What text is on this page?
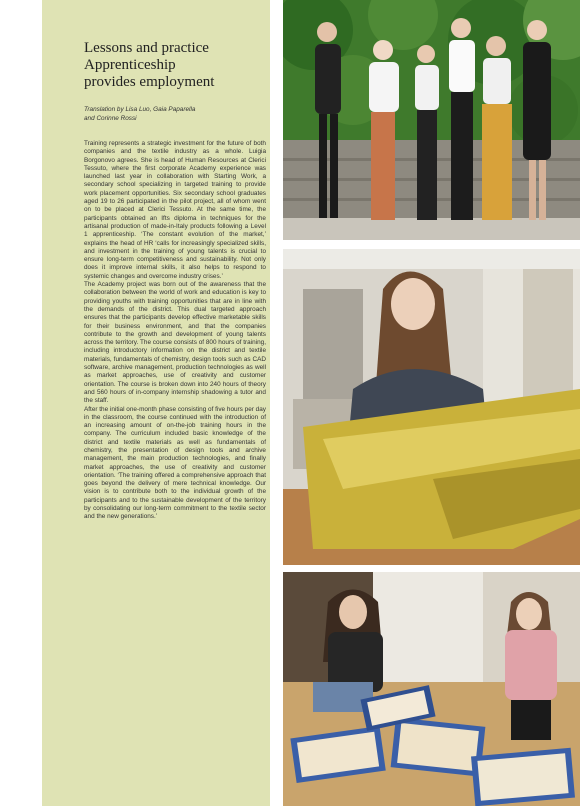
Lessons and practice
Apprenticeship
provides employment
Translation by Lisa Luo, Gaia Paparella
and Corinne Rossi

Training represents a strategic investment for the future of both companies and the textile industry as a whole. Luigia Borgonovo agrees. She is head of Human Resources at Clerici Tessuto, where the first corporate Academy experience was launched last year in collaboration with Starting Work, a secondary school specializing in targeted training to provide work placement opportunities. Six secondary school graduates aged 19 to 26 participated in the pilot project, all of whom went on to be placed at Clerici Tessuto. At the same time, the participants obtained an Ifts diploma in techniques for the artisanal production of made-in-Italy products following a Level 1 apprenticeship. ‘The constant evolution of the market,’ explains the head of HR ‘calls for increasingly specialized skills, and investment in the training of young talents is crucial to ensure long-term competitiveness and sustainability. Not only does it improve internal skills, it also helps to respond to systemic changes and overcome industry crises.’

The Academy project was born out of the awareness that the collaboration between the world of work and education is key to providing youths with training opportunities that are in line with the demands of the district. This dual targeted approach ensures that the participants develop effective marketable skills for their business environment, and that the companies contribute to the growth and development of young talents across the territory. The course consists of 800 hours of training, including introductory information on the district and textile materials, fundamentals of chemistry, design tools such as CAD software, archive management, production technologies as well as market approaches, use of creativity and customer orientation. The course is broken down into 240 hours of theory and 560 hours of in-company internship shadowing a tutor and the staff.

After the initial one-month phase consisting of five hours per day in the classroom, the course continued with the introduction of an increasing amount of on-the-job training hours in the company. The curriculum included basic knowledge of the district and textile materials as well as fundamentals of chemistry, the presentation of design tools and archive management, the main production technologies, and finally market approaches, the use of creativity and customer orientation. ‘The training offered a comprehensive approach that goes beyond the delivery of mere technical knowledge. Our vision is to contribute both to the individual growth of the participants and to the sustainable development of the territory by consolidating our long-term commitment to the textile sector and the new generations.’
